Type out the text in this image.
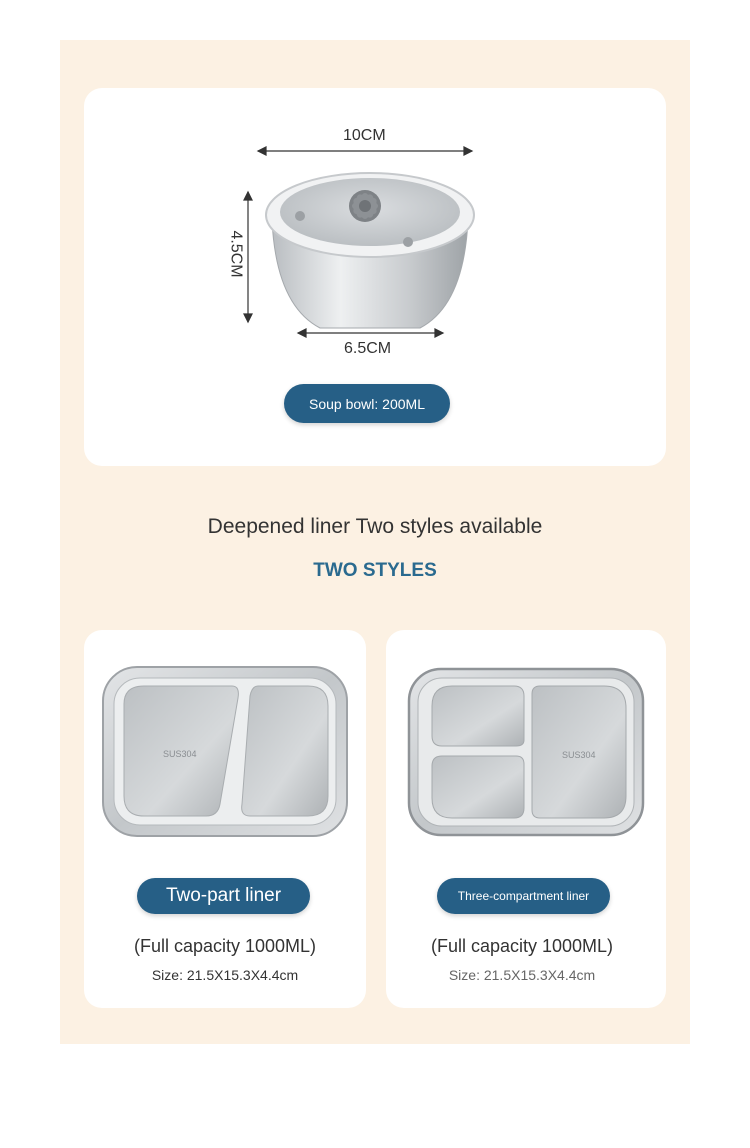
10CM
4.5CM
6.5CM
Soup bowl: 200ML
Deepened liner Two styles available
TWO STYLES
SUS304
Two-part liner
(Full capacity 1000ML)
Size: 21.5X15.3X4.4cm
SUS304
Three-compartment liner
(Full capacity 1000ML)
Size: 21.5X15.3X4.4cm
